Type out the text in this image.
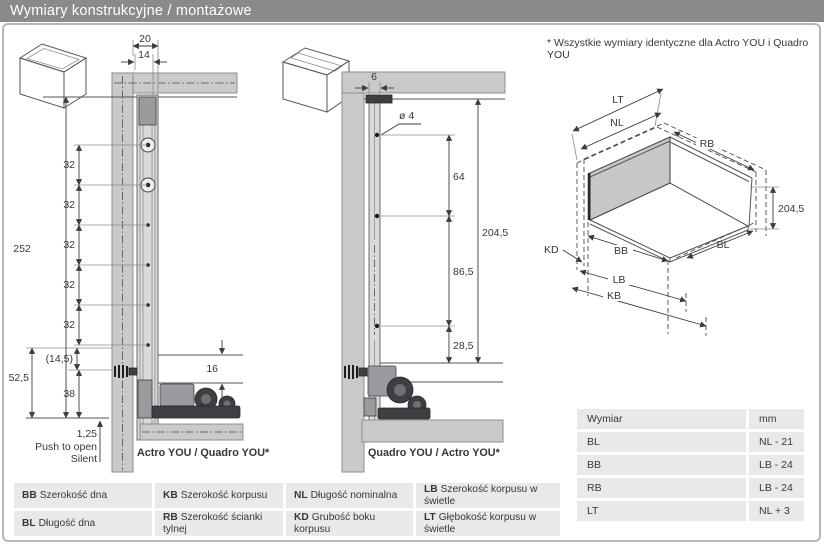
Wymiary konstrukcyjne / montażowe
* Wszystkie wymiary identyczne dla Actro YOU i Quadro YOU
20
14
252
32
32
32
32
32
(14,5)
38
52,5
16
1,25
Push to open
Silent	Actro YOU / Quadro YOU*
6
ø 4
64
86,5
28,5
204,5
Quadro YOU / Actro YOU*
LT
NL
RB
204,5
KD	BB
LB
KB
BL
Wymiar	mm
BL	NL - 21
BB	LB - 24
RB	LB - 24
LT	NL + 3
BB Szerokość dna	KB Szerokość korpusu	NL Długość nominalna	LB Szerokość korpusu w świetle
BL Długość dna	RB Szerokość ścianki tylnej	KD Grubość boku korpusu	LT Głębokość korpusu w świetle
